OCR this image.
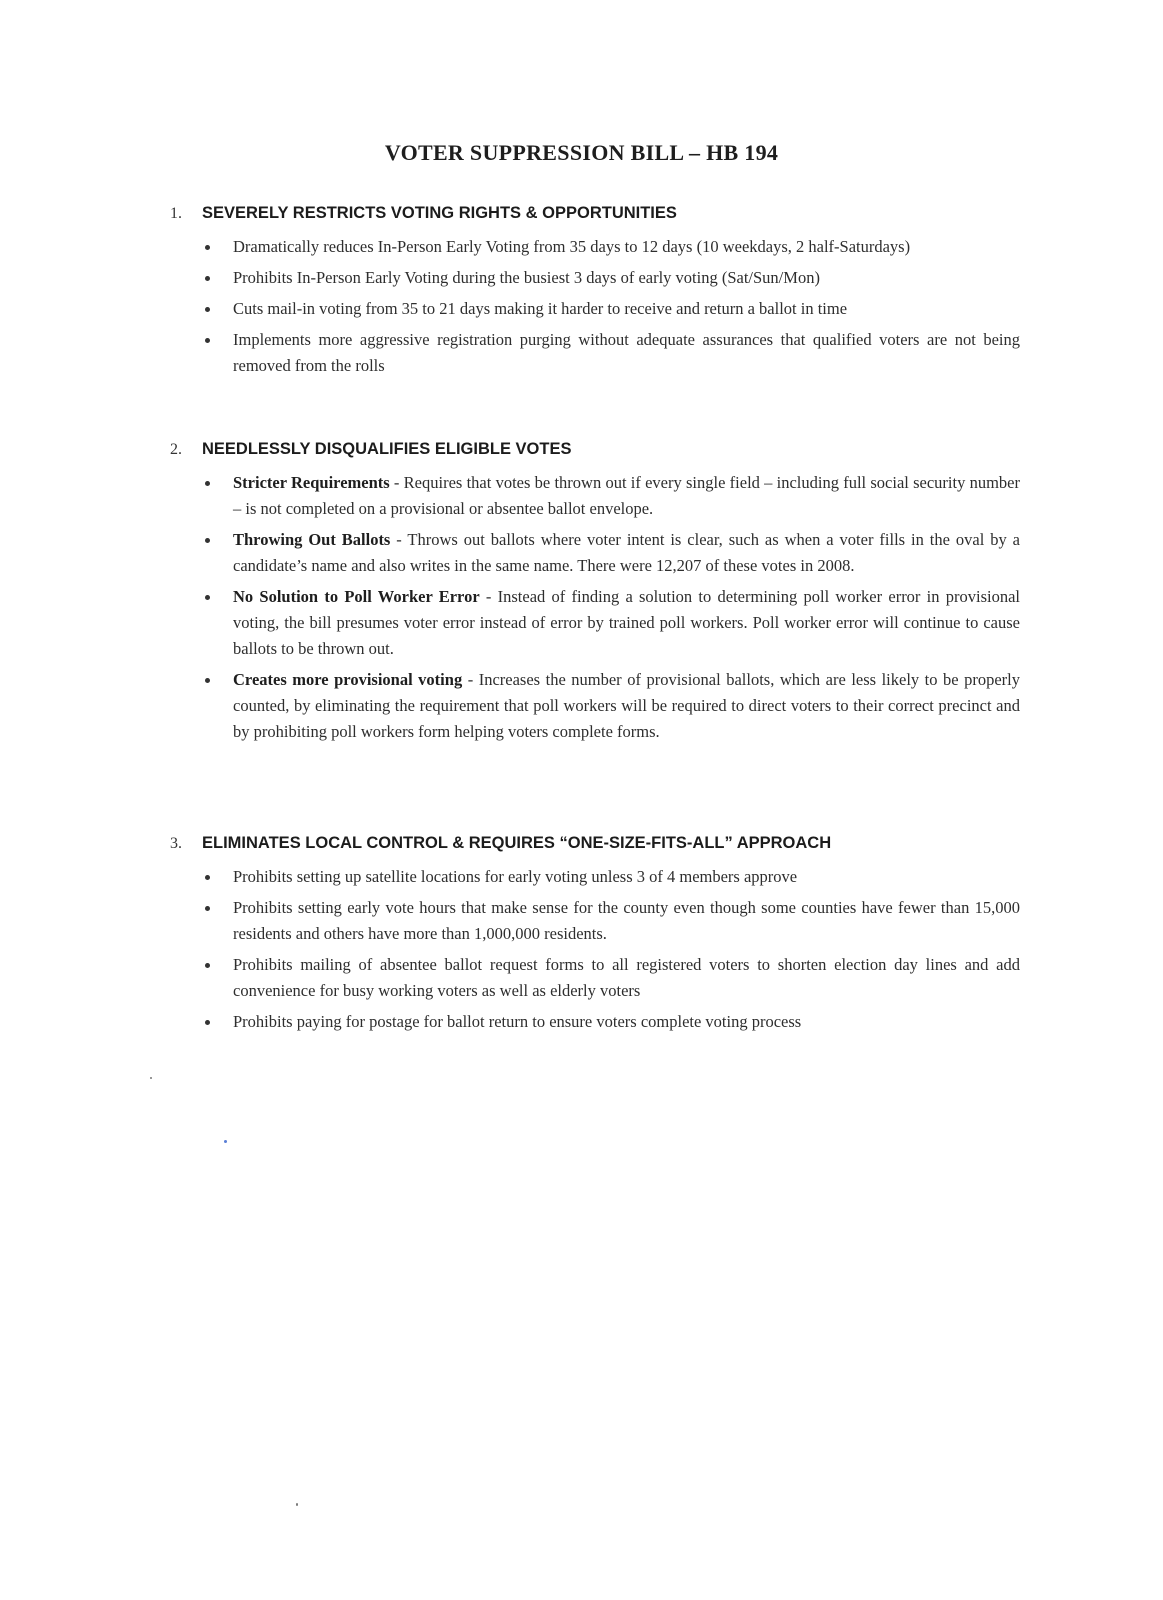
VOTER SUPPRESSION BILL – HB 194
1.	SEVERELY RESTRICTS VOTING RIGHTS & OPPORTUNITIES
Dramatically reduces In-Person Early Voting from 35 days to 12 days (10 weekdays, 2 half-Saturdays)
Prohibits In-Person Early Voting during the busiest 3 days of early voting (Sat/Sun/Mon)
Cuts mail-in voting from 35 to 21 days making it harder to receive and return a ballot in time
Implements more aggressive registration purging without adequate assurances that qualified voters are not being removed from the rolls
2.	NEEDLESSLY DISQUALIFIES ELIGIBLE VOTES
Stricter Requirements - Requires that votes be thrown out if every single field – including full social security number – is not completed on a provisional or absentee ballot envelope.
Throwing Out Ballots - Throws out ballots where voter intent is clear, such as when a voter fills in the oval by a candidate’s name and also writes in the same name. There were 12,207 of these votes in 2008.
No Solution to Poll Worker Error - Instead of finding a solution to determining poll worker error in provisional voting, the bill presumes voter error instead of error by trained poll workers. Poll worker error will continue to cause ballots to be thrown out.
Creates more provisional voting - Increases the number of provisional ballots, which are less likely to be properly counted, by eliminating the requirement that poll workers will be required to direct voters to their correct precinct and by prohibiting poll workers form helping voters complete forms.
3.	ELIMINATES LOCAL CONTROL & REQUIRES “ONE-SIZE-FITS-ALL” APPROACH
Prohibits setting up satellite locations for early voting unless 3 of 4 members approve
Prohibits setting early vote hours that make sense for the county even though some counties have fewer than 15,000 residents and others have more than 1,000,000 residents.
Prohibits mailing of absentee ballot request forms to all registered voters to shorten election day lines and add convenience for busy working voters as well as elderly voters
Prohibits paying for postage for ballot return to ensure voters complete voting process
